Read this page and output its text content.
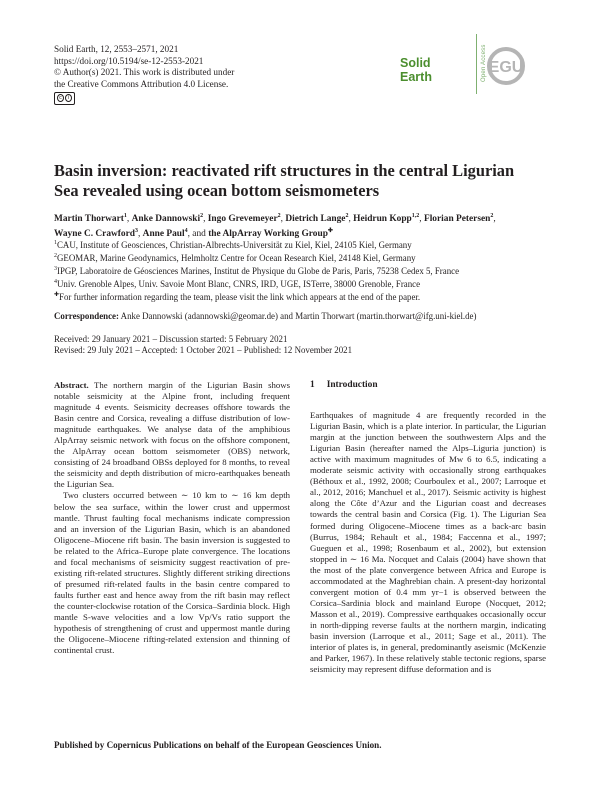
Solid Earth, 12, 2553–2571, 2021
https://doi.org/10.5194/se-12-2553-2021
© Author(s) 2021. This work is distributed under
the Creative Commons Attribution 4.0 License.
c	i
Solid Earth	Open Access EGU
Basin inversion: reactivated rift structures in the central Ligurian
Sea revealed using ocean bottom seismometers
Martin Thorwart$^1$, Anke Dannowski$^2$, Ingo Grevemeyer$^2$, Dietrich Lange$^2$, Heidrun Kopp$^{1,2}$, Florian Petersen$^2$,
Wayne C. Crawford$^3$, Anne Paul$^4$, and the AlpArray Working Group✚
$^1$CAU, Institute of Geosciences, Christian-Albrechts-Universität zu Kiel, Kiel, 24105 Kiel, Germany
$^2$GEOMAR, Marine Geodynamics, Helmholtz Centre for Ocean Research Kiel, 24148 Kiel, Germany
$^3$IPGP, Laboratoire de Géosciences Marines, Institut de Physique du Globe de Paris, Paris, 75238 Cedex 5, France
$^4$Univ. Grenoble Alpes, Univ. Savoie Mont Blanc, CNRS, IRD, UGE, ISTerre, 38000 Grenoble, France
✚For further information regarding the team, please visit the link which appears at the end of the paper.
Correspondence: Anke Dannowski (adannowski@geomar.de) and Martin Thorwart (martin.thorwart@ifg.uni-kiel.de)
Received: 29 January 2021 – Discussion started: 5 February 2021
Revised: 29 July 2021 – Accepted: 1 October 2021 – Published: 12 November 2021

Abstract. The northern margin of the Ligurian Basin shows notable seismicity at the Alpine front, including frequent magnitude 4 events. Seismicity decreases offshore towards the Basin centre and Corsica, revealing a diffuse distribution of low-magnitude earthquakes. We analyse data of the amphibious AlpArray seismic network with focus on the offshore component, the AlpArray ocean bottom seismometer (OBS) network, consisting of 24 broadband OBSs deployed for 8 months, to reveal the seismicity and depth distribution of micro-earthquakes beneath the Ligurian Sea.

Two clusters occurred between ∼ 10 km to ∼ 16 km depth below the sea surface, within the lower crust and uppermost mantle. Thrust faulting focal mechanisms indicate compression and an inversion of the Ligurian Basin, which is an abandoned Oligocene–Miocene rift basin. The basin inversion is suggested to be related to the Africa–Europe plate convergence. The locations and focal mechanisms of seismicity suggest reactivation of pre-existing rift-related structures. Slightly different striking directions of presumed rift-related faults in the basin centre compared to faults further east and hence away from the rift basin may reflect the counter-clockwise rotation of the Corsica–Sardinia block. High mantle S-wave velocities and a low Vp/Vs ratio support the hypothesis of strengthening of crust and uppermost mantle during the Oligocene–Miocene rifting-related extension and thinning of continental crust.

1 Introduction

Earthquakes of magnitude 4 are frequently recorded in the Ligurian Basin, which is a plate interior. In particular, the Ligurian margin at the junction between the southwestern Alps and the Ligurian Basin (hereafter named the Alps–Liguria junction) is active with maximum magnitudes of Mw 6 to 6.5, indicating a moderate seismic activity with occasionally strong earthquakes (Béthoux et al., 1992, 2008; Courboulex et al., 2007; Larroque et al., 2012, 2016; Manchuel et al., 2017). Seismic activity is highest along the Côte d’Azur and the Ligurian coast and decreases towards the central basin and Corsica (Fig. 1). The Ligurian Sea formed during Oligocene–Miocene times as a back-arc basin (Burrus, 1984; Rehault et al., 1984; Faccenna et al., 1997; Gueguen et al., 1998; Rosenbaum et al., 2002), but extension stopped in ∼ 16 Ma. Nocquet and Calais (2004) have shown that the most of the plate convergence between Africa and Europe is accommodated at the Maghrebian chain. A present-day horizontal convergent motion of 0.4 mm yr−1 is observed between the Corsica–Sardinia block and mainland Europe (Nocquet, 2012; Masson et al., 2019). Compressive earthquakes occasionally occur in north-dipping reverse faults at the northern margin, indicating basin inversion (Larroque et al., 2011; Sage et al., 2011). The interior of plates is, in general, predominantly aseismic (McKenzie and Parker, 1967). In these relatively stable tectonic regions, sparse seismicity may represent diffuse deformation and is

Published by Copernicus Publications on behalf of the European Geosciences Union.
